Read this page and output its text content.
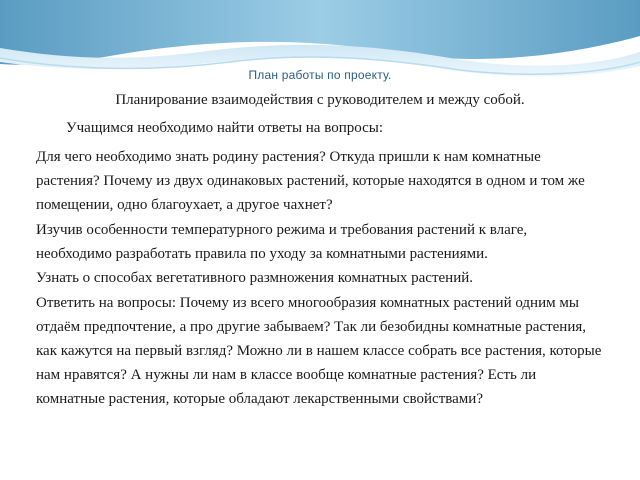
План работы по проекту.
Планирование взаимодействия с руководителем и между собой.
Учащимся необходимо найти ответы на вопросы:
Для чего необходимо знать родину растения? Откуда пришли к нам комнатные растения? Почему из двух одинаковых растений, которые находятся в одном и том же помещении, одно благоухает, а другое чахнет?
Изучив особенности температурного режима и требования растений к влаге, необходимо разработать правила по уходу за комнатными растениями.
Узнать о способах вегетативного размножения комнатных растений.
Ответить на вопросы: Почему из всего многообразия комнатных растений одним мы отдаём предпочтение, а про другие забываем? Так ли безобидны комнатные растения, как кажутся на первый взгляд? Можно ли в нашем классе собрать все растения, которые нам нравятся? А нужны ли нам в классе вообще комнатные растения? Есть ли комнатные растения, которые обладают лекарственными свойствами?
